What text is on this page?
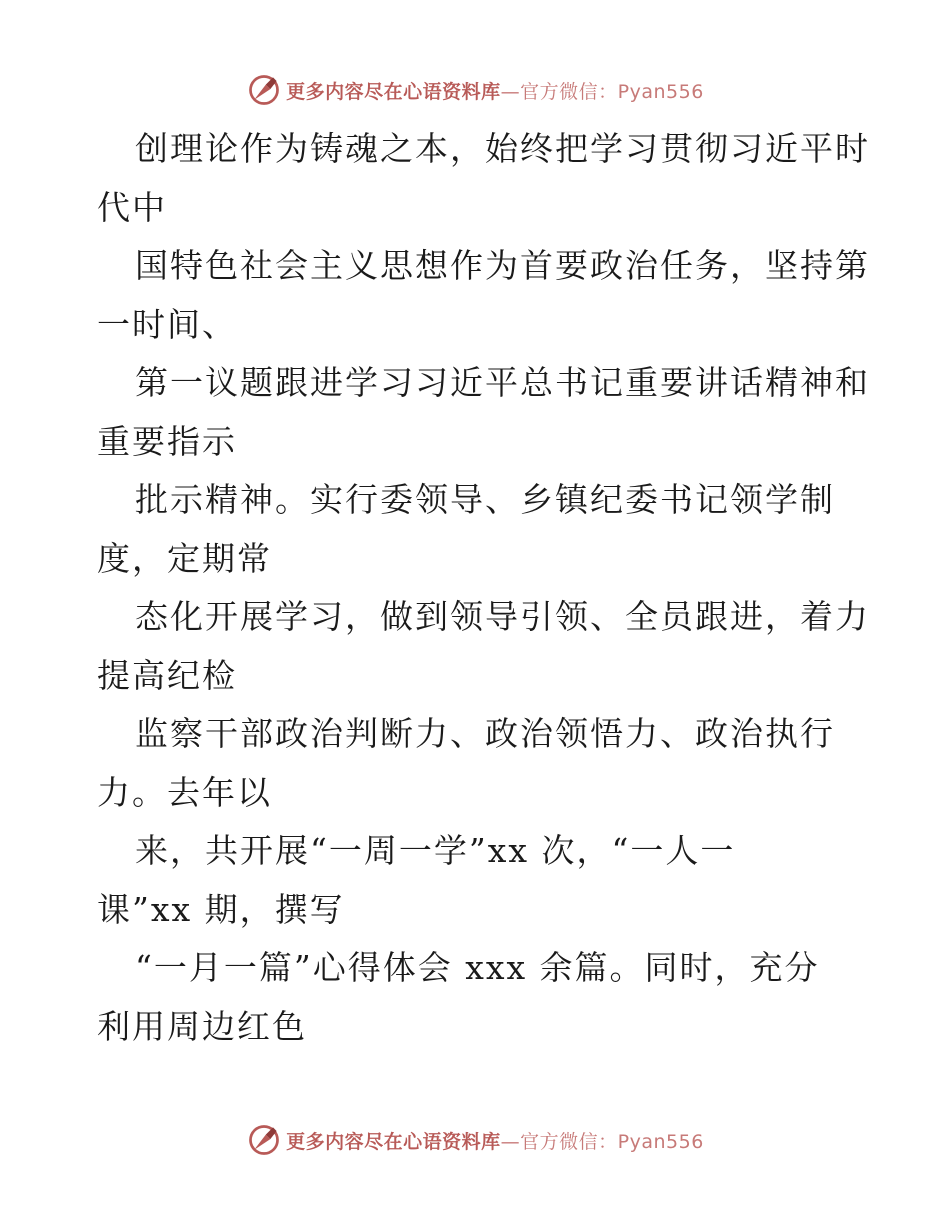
更多内容尽在心语资料库—官方微信：Pyan556
创理论作为铸魂之本，始终把学习贯彻习近平时
代中
国特色社会主义思想作为首要政治任务，坚持第
一时间、
第一议题跟进学习习近平总书记重要讲话精神和
重要指示
批示精神。实行委领导、乡镇纪委书记领学制
度，定期常
态化开展学习，做到领导引领、全员跟进，着力
提高纪检
监察干部政治判断力、政治领悟力、政治执行
力。去年以
来，共开展“一周一学”xx 次，“一人一
课”xx 期，撰写
“一月一篇”心得体会 xxx 余篇。同时，充分
利用周边红色
更多内容尽在心语资料库—官方微信：Pyan556
